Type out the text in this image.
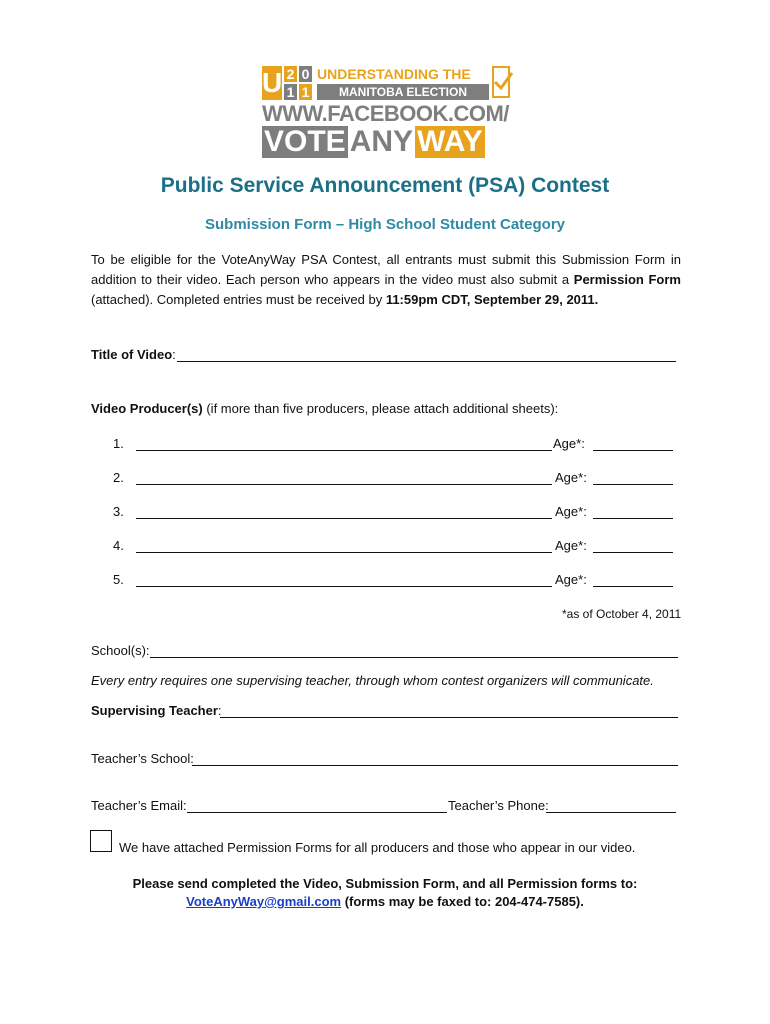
U 2 0
1 1
UNDERSTANDING THE
MANITOBA ELECTION
WWW.FACEBOOK.COM/
VOTE ANY WAY
Public Service Announcement (PSA) Contest
Submission Form – High School Student Category
To be eligible for the VoteAnyWay PSA Contest, all entrants must submit this Submission Form in addition to their video. Each person who appears in the video must also submit a Permission Form (attached). Completed entries must be received by 11:59pm CDT, September 29, 2011.
Title of Video:
Video Producer(s) (if more than five producers, please attach additional sheets):
1.	Age*:
2.	Age*:
3.	Age*:
4.	Age*:
5.	Age*:
*as of October 4, 2011
School(s):
Every entry requires one supervising teacher, through whom contest organizers will communicate.
Supervising Teacher:
Teacher’s School:
Teacher’s Email:	Teacher’s Phone:
We have attached Permission Forms for all producers and those who appear in our video.
Please send completed the Video, Submission Form, and all Permission forms to:
VoteAnyWay@gmail.com (forms may be faxed to: 204-474-7585).
